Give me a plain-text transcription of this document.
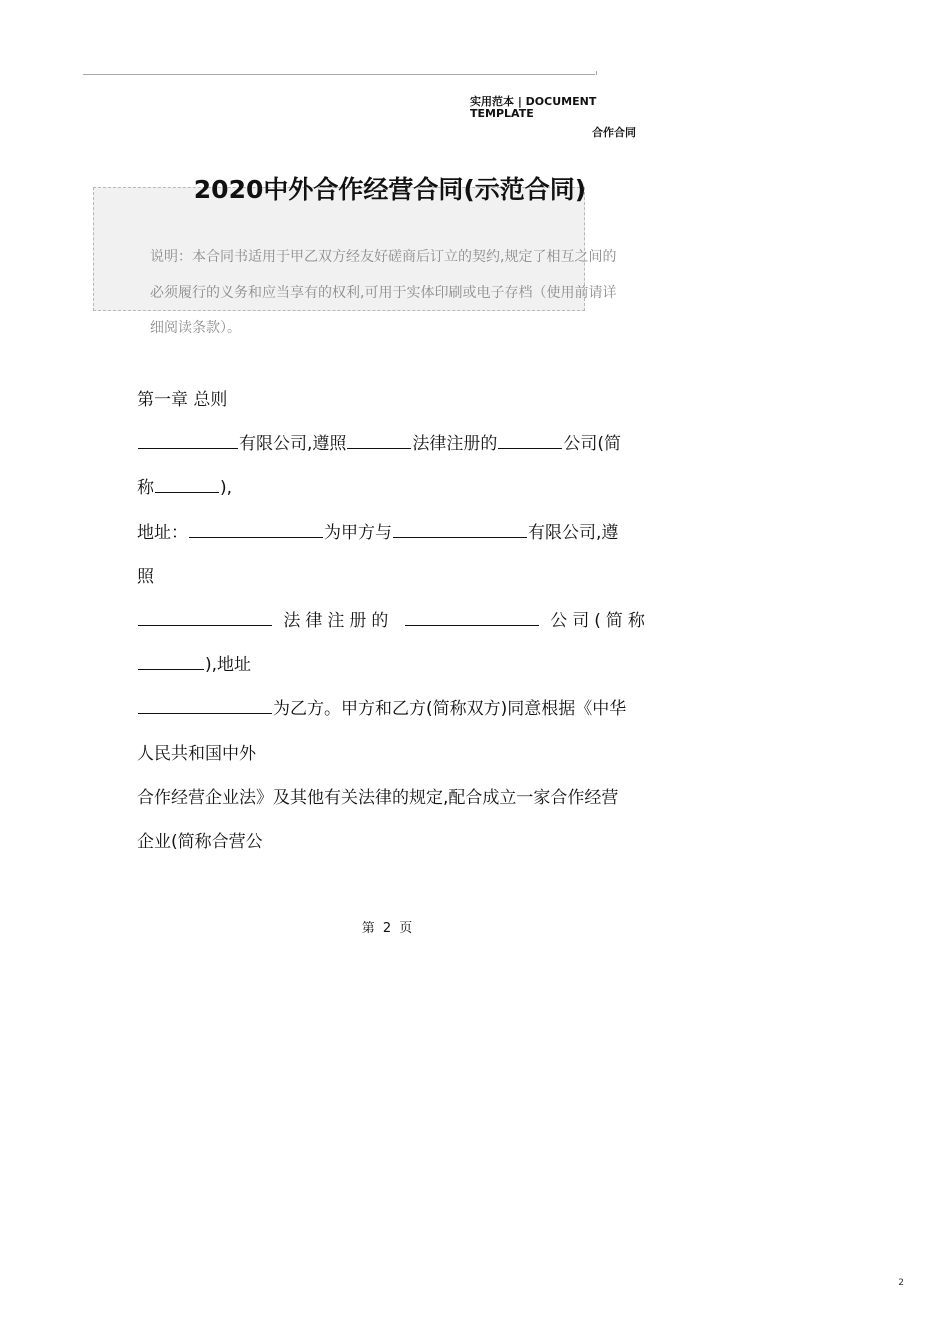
实用范本 | DOCUMENT TEMPLATE
合作合同
2020中外合作经营合同(示范合同)
说明：本合同书适用于甲乙双方经友好磋商后订立的契约,规定了相互之间的
必须履行的义务和应当享有的权利,可用于实体印刷或电子存档（使用前请详
细阅读条款）。
第一章 总则
有限公司,遵照	法律注册的	公司(简
称	),
地址：	为甲方与	有限公司,遵
照
法律注册的	公司(简称
),地址
为乙方。甲方和乙方(简称双方)同意根据《中华
人民共和国中外
合作经营企业法》及其他有关法律的规定,配合成立一家合作经营
企业(简称合营公
第 2 页
2
